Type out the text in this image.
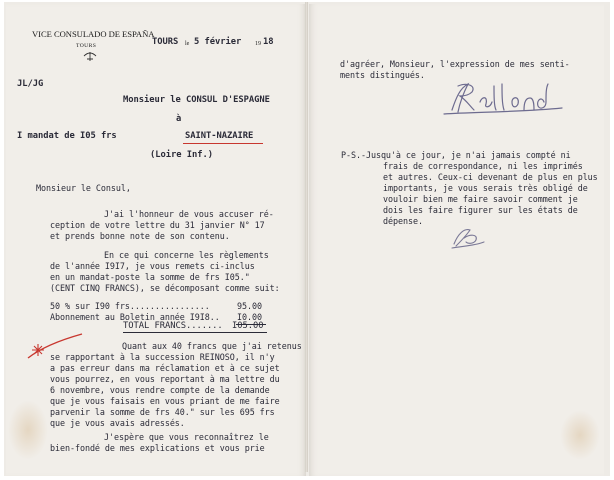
VICE CONSULADO DE ESPAÑA
TOURS	TOURS le 5 février 19 18
JL/JG
Monsieur le CONSUL D'ESPAGNE
à
SAINT-NAZAIRE
(Loire Inf.)
I mandat de I05 frs
Monsieur le Consul,
J'ai l'honneur de vous accuser ré-
ception de votre lettre du 31 janvier N° 17
et prends bonne note de son contenu.
En ce qui concerne les règlements
de l'année I9I7, je vous remets ci-inclus
en un mandat-poste la somme de frs I05."
(CENT CINQ FRANCS), se décomposant comme suit:
50 % sur I90 frs................	95.00
Abonnement au Boletin année I9I8.. I0.00
TOTAL FRANCS....... I05.00
Quant aux 40 francs que j'ai retenus
se rapportant à la succession REINOSO, il n'y
a pas erreur dans ma réclamation et à ce sujet
vous pourrez, en vous reportant à ma lettre du
6 novembre, vous rendre compte de la demande
que je vous faisais en vous priant de me faire
parvenir la somme de frs 40." sur les 695 frs
que je vous avais adressés.
J'espère que vous reconnaîtrez le
bien-fondé de mes explications et vous prie
d'agréer, Monsieur, l'expression de mes senti-
ments distingués.
P-S.-Jusqu'à ce jour, je n'ai jamais compté ni
frais de correspondance, ni les imprimés
et autres. Ceux-ci devenant de plus en plus
importants, je vous serais très obligé de
vouloir bien me faire savoir comment je
dois les faire figurer sur les états de
dépense.
